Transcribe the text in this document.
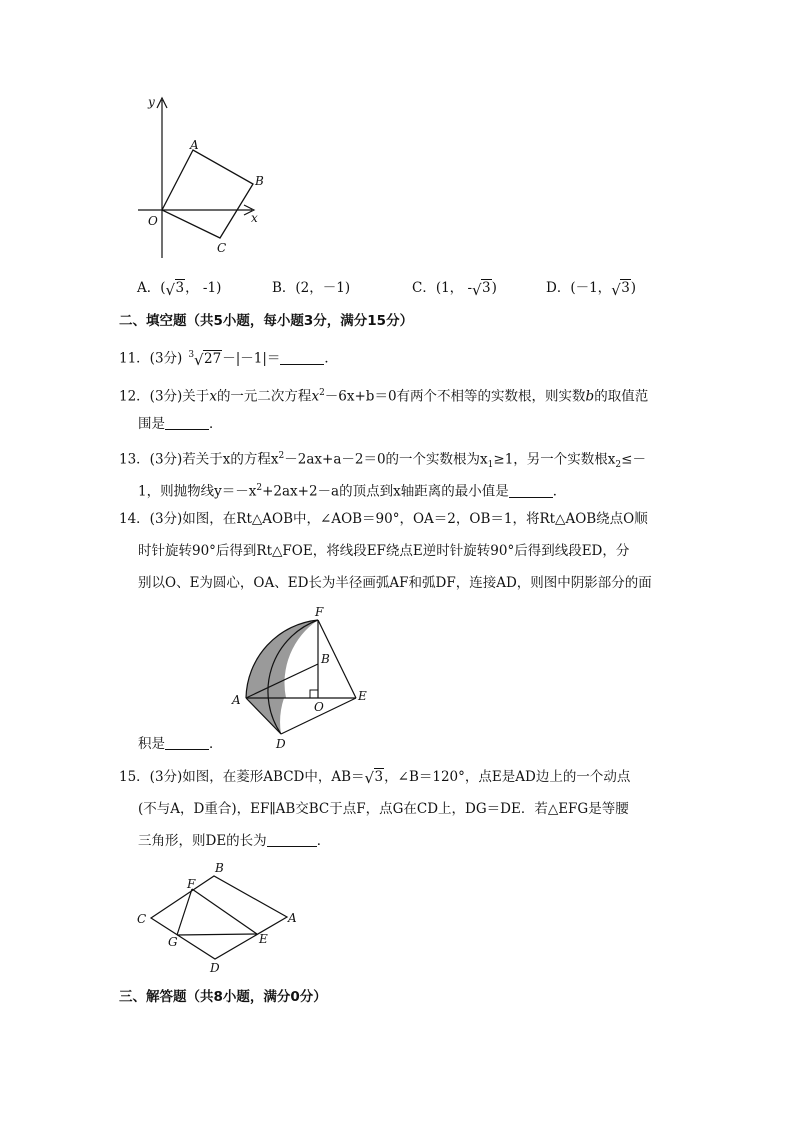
y
x
O
A
B
C
A．( √ 3， -1)	B．(2，－1)	C．(1， - √ 3)	D．(－1， √ 3)
二、填空题（共5小题，每小题3分，满分15分）
11．(3分) $^3$ √ 27－|－1|＝	．
12．(3分)关于x的一元二次方程$x^2-6x+b=0$有两个不相等的实数根，则实数b的取值范
围是	．
13．(3分)若关于x的方程$x^2-2ax+a-2=0$的一个实数根为$x_1\ge 1$，另一个实数根$x_2\le-$
1，则抛物线$y=-x^2+2ax+2-a$的顶点到x轴距离的最小值是	．
14．(3分)如图，在Rt△AOB中，∠AOB＝90°，OA＝2，OB＝1，将Rt△AOB绕点O顺
时针旋转90°后得到Rt△FOE，将线段EF绕点E逆时针旋转90°后得到线段ED，分
别以O、E为圆心，OA、ED长为半径画弧AF和弧DF，连接AD，则图中阴影部分的面
F
B
A	O
E
D
积是	．
15．(3分)如图，在菱形ABCD中，AB＝ √ 3，∠B＝120°，点E是AD边上的一个动点
(不与A，D重合)，EF∥AB交BC于点F，点G在CD上，DG＝DE．若△EFG是等腰
三角形，则DE的长为	．
B
F
C	A
G	E
D
三、解答题（共8小题，满分0分）
